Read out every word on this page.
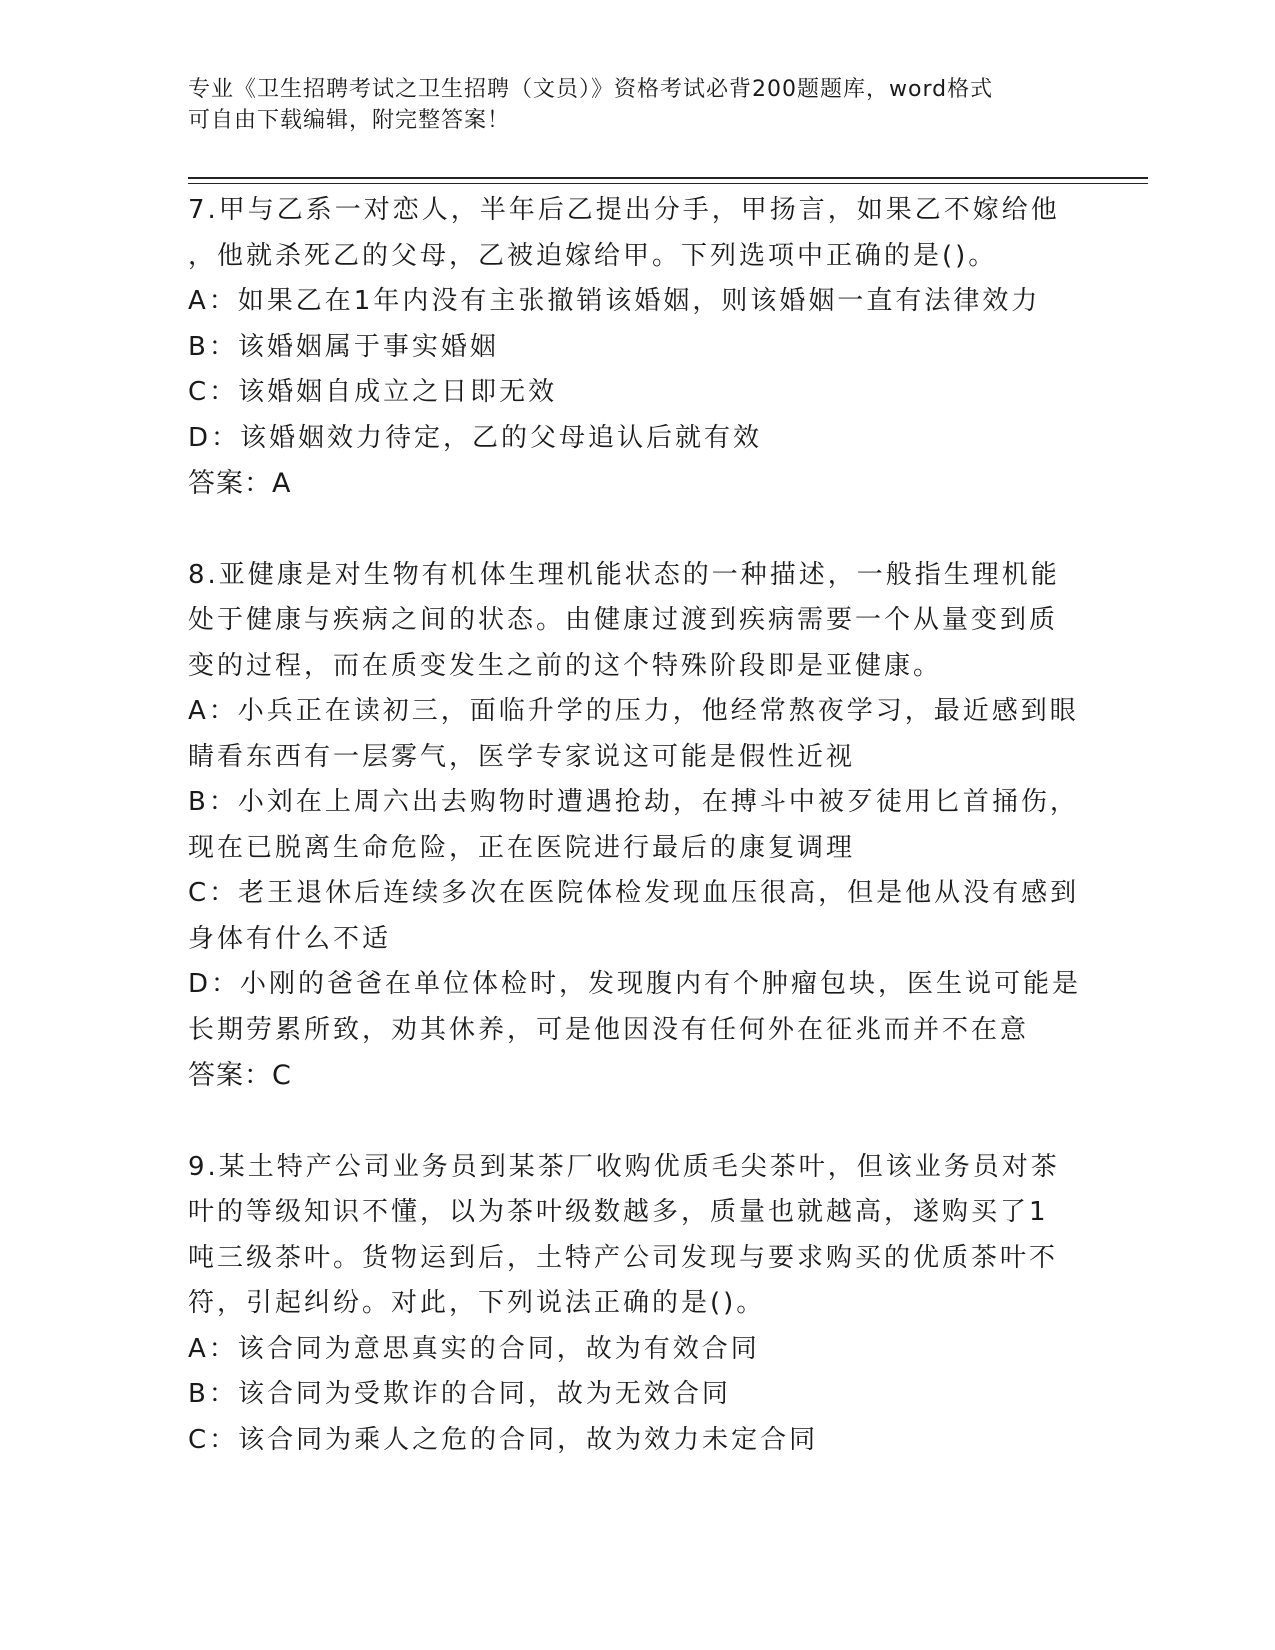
专业《卫生招聘考试之卫生招聘（文员）》资格考试必背200题题库，word格式
可自由下载编辑，附完整答案！
7.甲与乙系一对恋人，半年后乙提出分手，甲扬言，如果乙不嫁给他
，他就杀死乙的父母，乙被迫嫁给甲。下列选项中正确的是()。
A：如果乙在1年内没有主张撤销该婚姻，则该婚姻一直有法律效力
B：该婚姻属于事实婚姻
C：该婚姻自成立之日即无效
D：该婚姻效力待定，乙的父母追认后就有效
答案：A
8.亚健康是对生物有机体生理机能状态的一种描述，一般指生理机能
处于健康与疾病之间的状态。由健康过渡到疾病需要一个从量变到质
变的过程，而在质变发生之前的这个特殊阶段即是亚健康。
A：小兵正在读初三，面临升学的压力，他经常熬夜学习，最近感到眼
睛看东西有一层雾气，医学专家说这可能是假性近视
B：小刘在上周六出去购物时遭遇抢劫，在搏斗中被歹徒用匕首捅伤，
现在已脱离生命危险，正在医院进行最后的康复调理
C：老王退休后连续多次在医院体检发现血压很高，但是他从没有感到
身体有什么不适
D：小刚的爸爸在单位体检时，发现腹内有个肿瘤包块，医生说可能是
长期劳累所致，劝其休养，可是他因没有任何外在征兆而并不在意
答案：C
9.某土特产公司业务员到某茶厂收购优质毛尖茶叶，但该业务员对茶
叶的等级知识不懂，以为茶叶级数越多，质量也就越高，遂购买了1
吨三级茶叶。货物运到后，土特产公司发现与要求购买的优质茶叶不
符，引起纠纷。对此，下列说法正确的是()。
A：该合同为意思真实的合同，故为有效合同
B：该合同为受欺诈的合同，故为无效合同
C：该合同为乘人之危的合同，故为效力未定合同
